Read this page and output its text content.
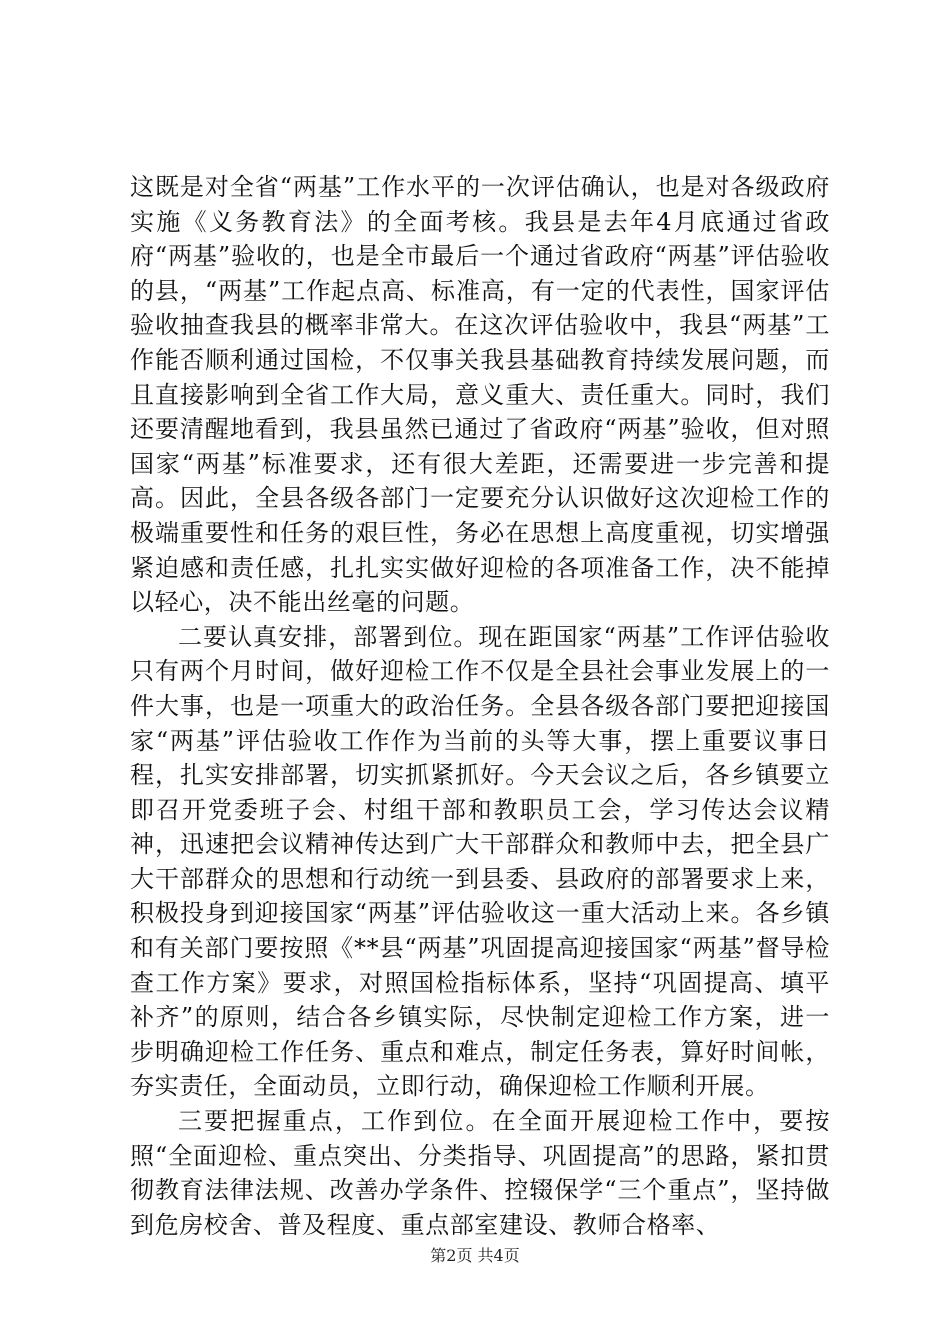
这既是对全省“两基”工作水平的一次评估确认，也是对各级政府实施《义务教育法》的全面考核。我县是去年4月底通过省政府“两基”验收的，也是全市最后一个通过省政府“两基”评估验收的县，“两基”工作起点高、标准高，有一定的代表性，国家评估验收抽查我县的概率非常大。在这次评估验收中，我县“两基”工作能否顺利通过国检，不仅事关我县基础教育持续发展问题，而且直接影响到全省工作大局，意义重大、责任重大。同时，我们还要清醒地看到，我县虽然已通过了省政府“两基”验收，但对照国家“两基”标准要求，还有很大差距，还需要进一步完善和提高。因此，全县各级各部门一定要充分认识做好这次迎检工作的极端重要性和任务的艰巨性，务必在思想上高度重视，切实增强紧迫感和责任感，扎扎实实做好迎检的各项准备工作，决不能掉以轻心，决不能出丝毫的问题。

二要认真安排，部署到位。现在距国家“两基”工作评估验收只有两个月时间，做好迎检工作不仅是全县社会事业发展上的一件大事，也是一项重大的政治任务。全县各级各部门要把迎接国家“两基”评估验收工作作为当前的头等大事，摆上重要议事日程，扎实安排部署，切实抓紧抓好。今天会议之后，各乡镇要立即召开党委班子会、村组干部和教职员工会，学习传达会议精神，迅速把会议精神传达到广大干部群众和教师中去，把全县广大干部群众的思想和行动统一到县委、县政府的部署要求上来，积极投身到迎接国家“两基”评估验收这一重大活动上来。各乡镇和有关部门要按照《**县“两基”巩固提高迎接国家“两基”督导检查工作方案》要求，对照国检指标体系，坚持“巩固提高、填平补齐”的原则，结合各乡镇实际，尽快制定迎检工作方案，进一步明确迎检工作任务、重点和难点，制定任务表，算好时间帐，夯实责任，全面动员，立即行动，确保迎检工作顺利开展。

三要把握重点，工作到位。在全面开展迎检工作中，要按照“全面迎检、重点突出、分类指导、巩固提高”的思路，紧扣贯彻教育法律法规、改善办学条件、控辍保学“三个重点”，坚持做到危房校舍、普及程度、重点部室建设、教师合格率、

第2页 共4页
